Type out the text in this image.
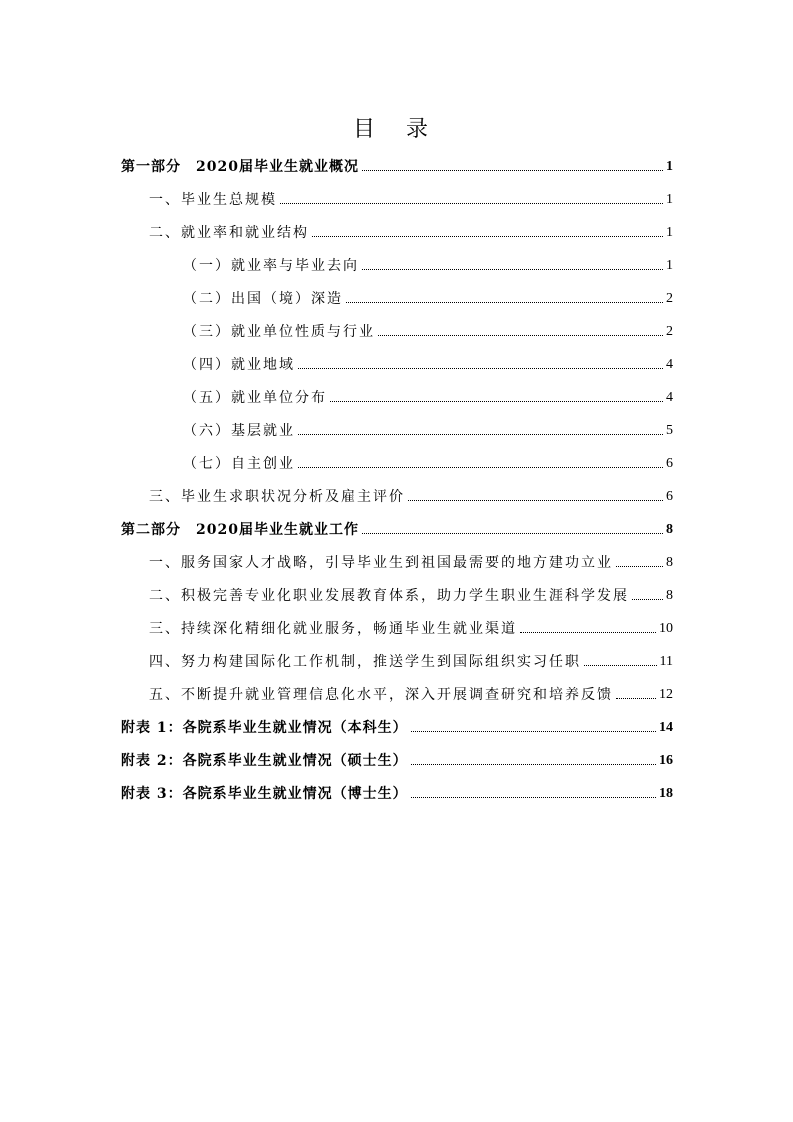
目 录
第一部分　2020届毕业生就业概况	1
一、毕业生总规模	1
二、就业率和就业结构	1
（一）就业率与毕业去向	1
（二）出国（境）深造	2
（三）就业单位性质与行业	2
（四）就业地域	4
（五）就业单位分布	4
（六）基层就业	5
（七）自主创业	6
三、毕业生求职状况分析及雇主评价	6
第二部分　2020届毕业生就业工作	8
一、服务国家人才战略，引导毕业生到祖国最需要的地方建功立业	8
二、积极完善专业化职业发展教育体系，助力学生职业生涯科学发展	8
三、持续深化精细化就业服务，畅通毕业生就业渠道	10
四、努力构建国际化工作机制，推送学生到国际组织实习任职	11
五、不断提升就业管理信息化水平，深入开展调查研究和培养反馈	12
附表 1：各院系毕业生就业情况（本科生）	14
附表 2：各院系毕业生就业情况（硕士生）	16
附表 3：各院系毕业生就业情况（博士生）	18
